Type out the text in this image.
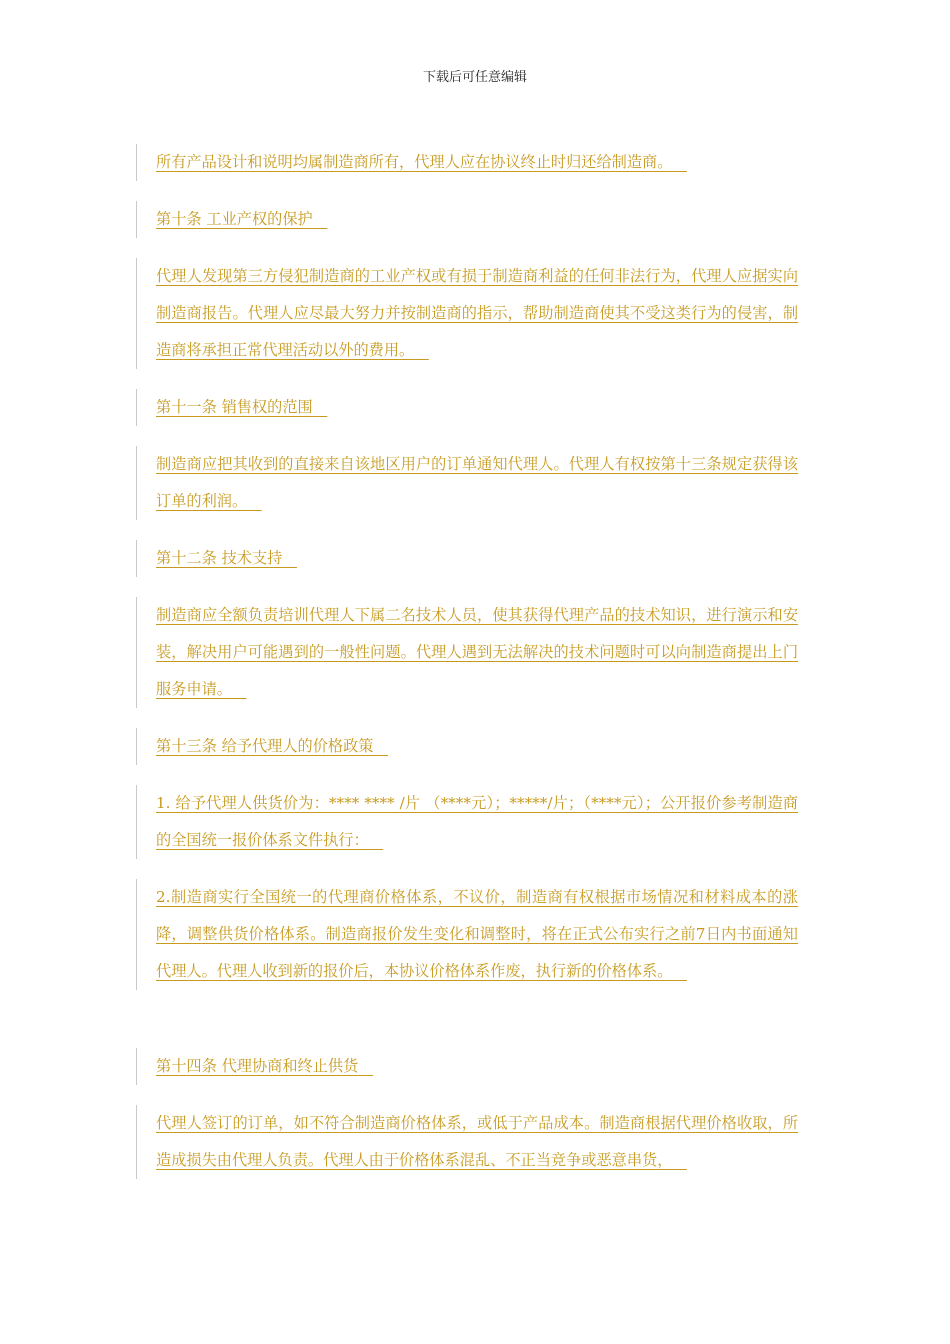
下载后可任意编辑

所有产品设计和说明均属制造商所有，代理人应在协议终止时归还给制造商。

第十条 工业产权的保护

代理人发现第三方侵犯制造商的工业产权或有损于制造商利益的任何非法行为，代理人应据实向制造商报告。代理人应尽最大努力并按制造商的指示，帮助制造商使其不受这类行为的侵害，制造商将承担正常代理活动以外的费用。

第十一条 销售权的范围

制造商应把其收到的直接来自该地区用户的订单通知代理人。代理人有权按第十三条规定获得该订单的利润。

第十二条 技术支持

制造商应全额负责培训代理人下属二名技术人员，使其获得代理产品的技术知识，进行演示和安装，解决用户可能遇到的一般性问题。代理人遇到无法解决的技术问题时可以向制造商提出上门服务申请。

第十三条 给予代理人的价格政策

1. 给予代理人供货价为：**** **** /片 （****元）；*****/片；（****元）；公开报价参考制造商的全国统一报价体系文件执行：

2.制造商实行全国统一的代理商价格体系，不议价，制造商有权根据市场情况和材料成本的涨降，调整供货价格体系。制造商报价发生变化和调整时，将在正式公布实行之前7日内书面通知代理人。代理人收到新的报价后，本协议价格体系作废，执行新的价格体系。

第十四条 代理协商和终止供货

代理人签订的订单，如不符合制造商价格体系，或低于产品成本。制造商根据代理价格收取，所造成损失由代理人负责。代理人由于价格体系混乱、不正当竞争或恶意串货，
